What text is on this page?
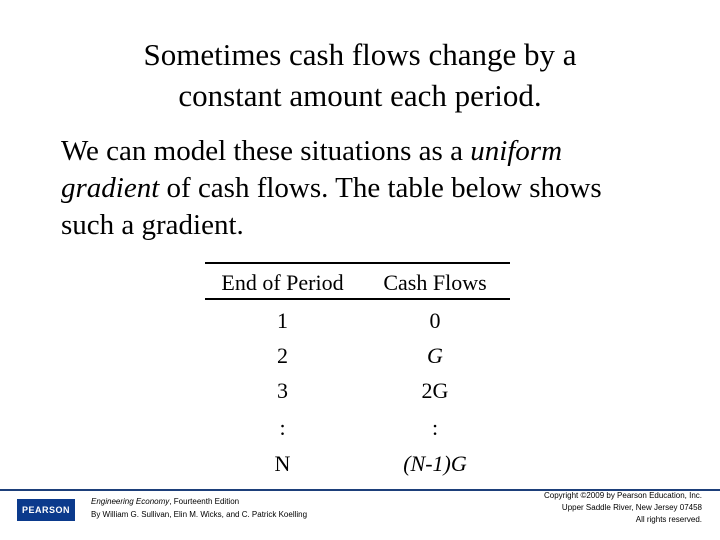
Sometimes cash flows change by a
constant amount each period.
We can model these situations as a uniform gradient of cash flows. The table below shows such a gradient.
End of Period	Cash Flows
1	0
2	G
3	2G
:	:
N	(N-1)G
PEARSON
Engineering Economy, Fourteenth Edition
By William G. Sullivan, Elin M. Wicks, and C. Patrick Koelling
Copyright ©2009 by Pearson Education, Inc.
Upper Saddle River, New Jersey 07458
All rights reserved.
